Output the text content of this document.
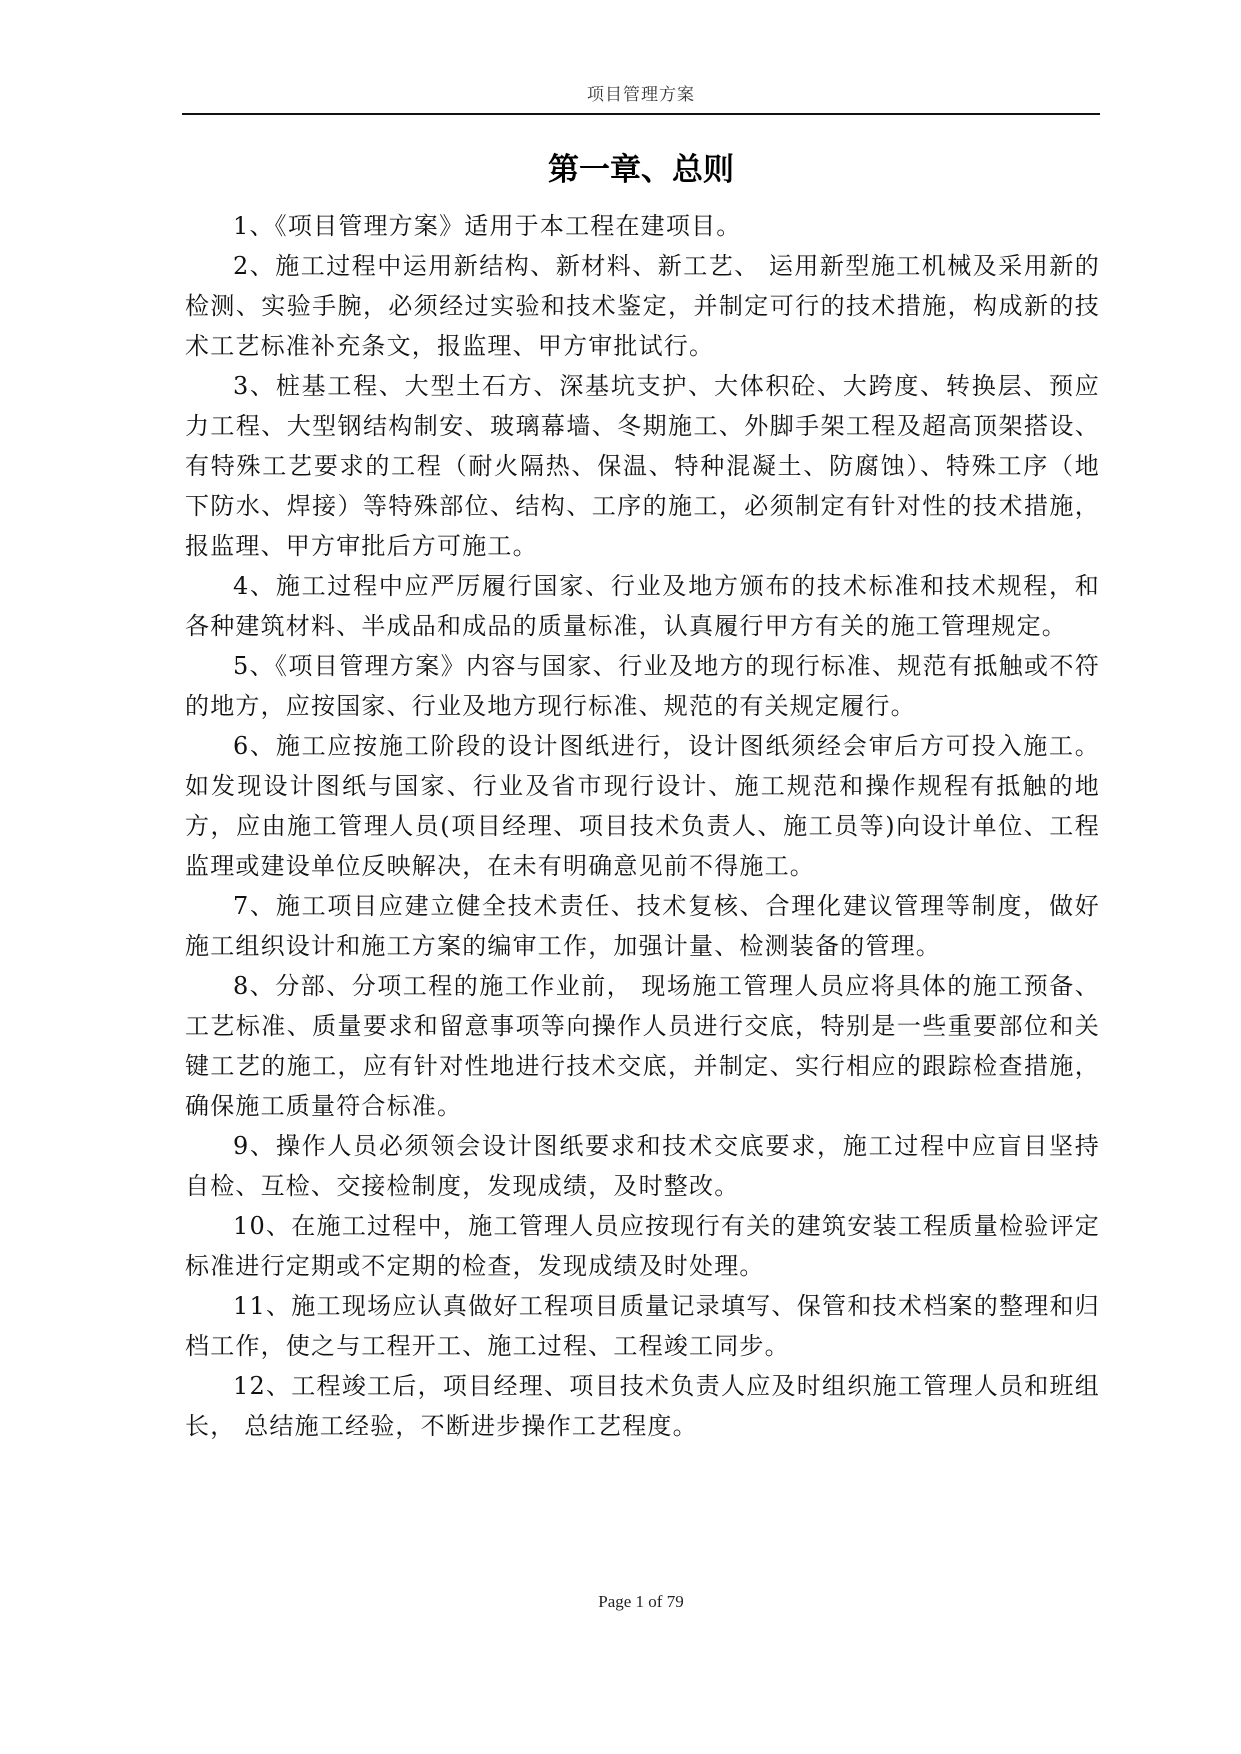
项目管理方案
第一章、总则

1、《项目管理方案》适用于本工程在建项目。

2、施工过程中运用新结构、新材料、新工艺、 运用新型施工机械及采用新的检测、实验手腕，必须经过实验和技术鉴定，并制定可行的技术措施，构成新的技术工艺标准补充条文，报监理、甲方审批试行。

3、桩基工程、大型土石方、深基坑支护、大体积砼、大跨度、转换层、预应力工程、大型钢结构制安、玻璃幕墙、冬期施工、外脚手架工程及超高顶架搭设、有特殊工艺要求的工程（耐火隔热、保温、特种混凝土、防腐蚀）、特殊工序（地下防水、焊接）等特殊部位、结构、工序的施工，必须制定有针对性的技术措施，报监理、甲方审批后方可施工。

4、施工过程中应严厉履行国家、行业及地方颁布的技术标准和技术规程，和各种建筑材料、半成品和成品的质量标准，认真履行甲方有关的施工管理规定。

5、《项目管理方案》内容与国家、行业及地方的现行标准、规范有抵触或不符的地方，应按国家、行业及地方现行标准、规范的有关规定履行。

6、施工应按施工阶段的设计图纸进行，设计图纸须经会审后方可投入施工。如发现设计图纸与国家、行业及省市现行设计、施工规范和操作规程有抵触的地方，应由施工管理人员(项目经理、项目技术负责人、施工员等)向设计单位、工程监理或建设单位反映解决，在未有明确意见前不得施工。

7、施工项目应建立健全技术责任、技术复核、合理化建议管理等制度，做好施工组织设计和施工方案的编审工作，加强计量、检测装备的管理。

8、分部、分项工程的施工作业前， 现场施工管理人员应将具体的施工预备、工艺标准、质量要求和留意事项等向操作人员进行交底，特别是一些重要部位和关键工艺的施工，应有针对性地进行技术交底，并制定、实行相应的跟踪检查措施，确保施工质量符合标准。

9、操作人员必须领会设计图纸要求和技术交底要求，施工过程中应盲目坚持自检、互检、交接检制度，发现成绩，及时整改。

10、在施工过程中，施工管理人员应按现行有关的建筑安装工程质量检验评定标准进行定期或不定期的检查，发现成绩及时处理。

11、施工现场应认真做好工程项目质量记录填写、保管和技术档案的整理和归档工作，使之与工程开工、施工过程、工程竣工同步。

12、工程竣工后，项目经理、项目技术负责人应及时组织施工管理人员和班组长， 总结施工经验，不断进步操作工艺程度。

Page 1 of 79
